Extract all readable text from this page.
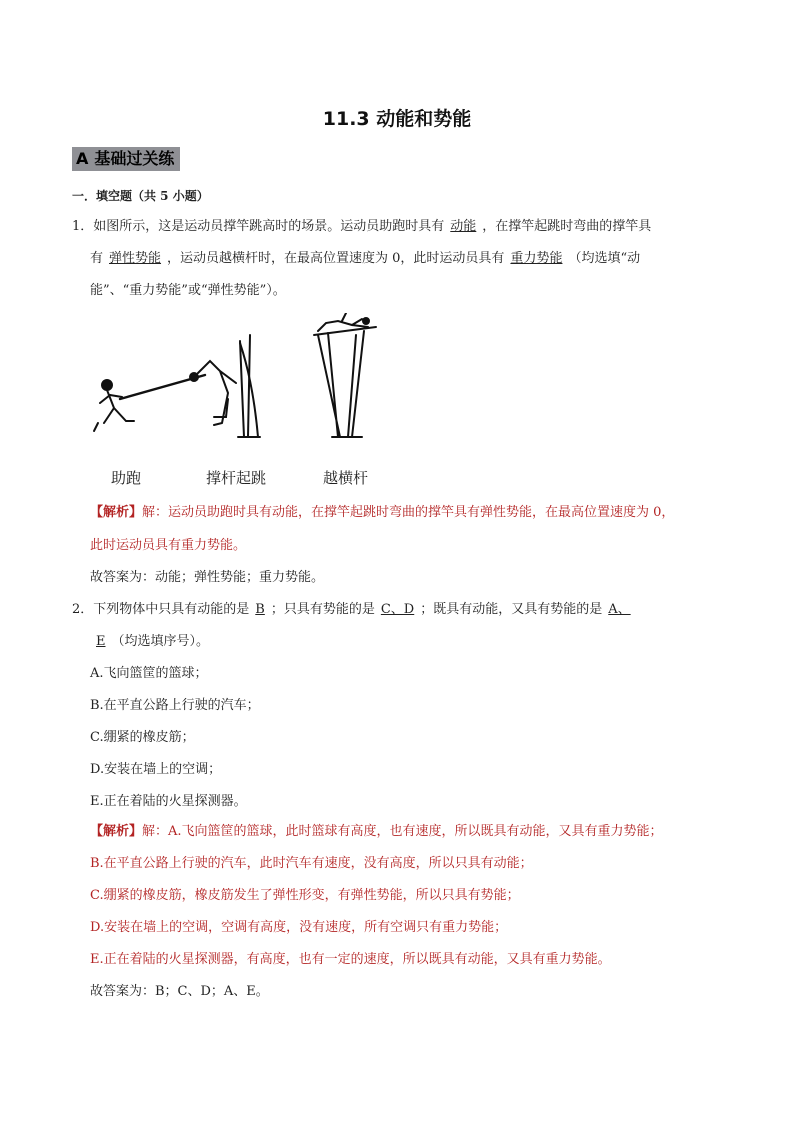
11.3 动能和势能
A 基础过关练
一．填空题（共 5 小题）
1．如图所示，这是运动员撑竿跳高时的场景。运动员助跑时具有 动能 ，在撑竿起跳时弯曲的撑竿具
有 弹性势能 ，运动员越横杆时，在最高位置速度为 0，此时运动员具有 重力势能 （均选填“动
能”、“重力势能”或“弹性势能”）。
助跑	撑杆起跳	越横杆
【解析】解：运动员助跑时具有动能，在撑竿起跳时弯曲的撑竿具有弹性势能，在最高位置速度为 0，
此时运动员具有重力势能。
故答案为：动能；弹性势能；重力势能。
2．下列物体中只具有动能的是 B ；只具有势能的是 C、D ；既具有动能，又具有势能的是 A、
E （均选填序号）。
A.飞向篮筐的篮球；
B.在平直公路上行驶的汽车；
C.绷紧的橡皮筋；
D.安装在墙上的空调；
E.正在着陆的火星探测器。
【解析】解：A.飞向篮筐的篮球，此时篮球有高度，也有速度，所以既具有动能，又具有重力势能；
B.在平直公路上行驶的汽车，此时汽车有速度，没有高度，所以只具有动能；
C.绷紧的橡皮筋，橡皮筋发生了弹性形变，有弹性势能，所以只具有势能；
D.安装在墙上的空调，空调有高度，没有速度，所有空调只有重力势能；
E.正在着陆的火星探测器，有高度，也有一定的速度，所以既具有动能，又具有重力势能。
故答案为：B；C、D；A、E。
